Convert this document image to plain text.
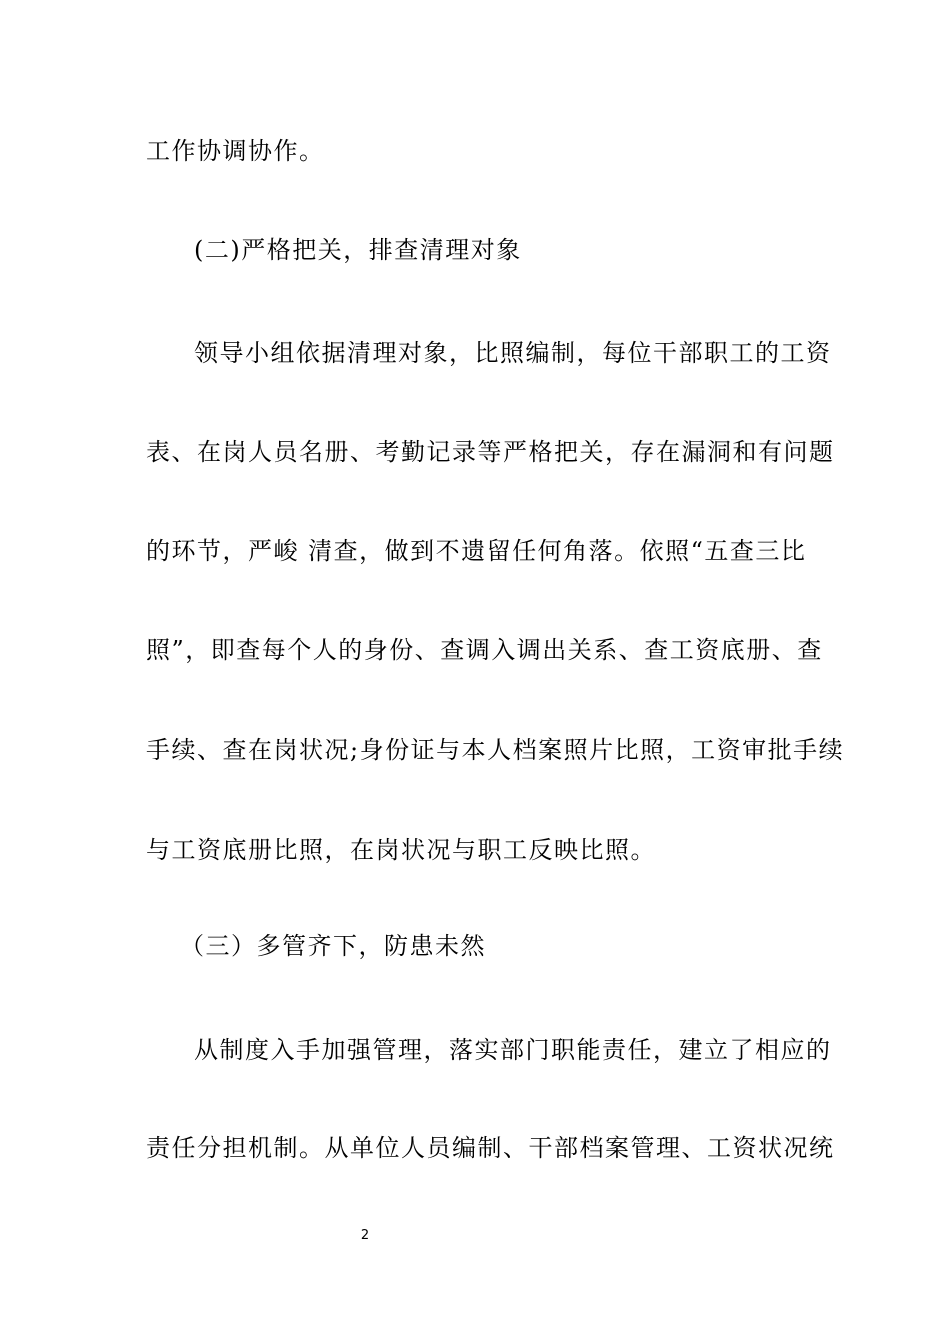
工作协调协作。
(二)严格把关，排查清理对象
领导小组依据清理对象，比照编制，每位干部职工的工资
表、在岗人员名册、考勤记录等严格把关，存在漏洞和有问题
的环节，严峻 清查，做到不遗留任何角落。依照“五查三比
照”，即查每个人的身份、查调入调出关系、查工资底册、查
手续、查在岗状况;身份证与本人档案照片比照，工资审批手续
与工资底册比照，在岗状况与职工反映比照。
（三）多管齐下，防患未然
从制度入手加强管理，落实部门职能责任，建立了相应的
责任分担机制。从单位人员编制、干部档案管理、工资状况统
2
